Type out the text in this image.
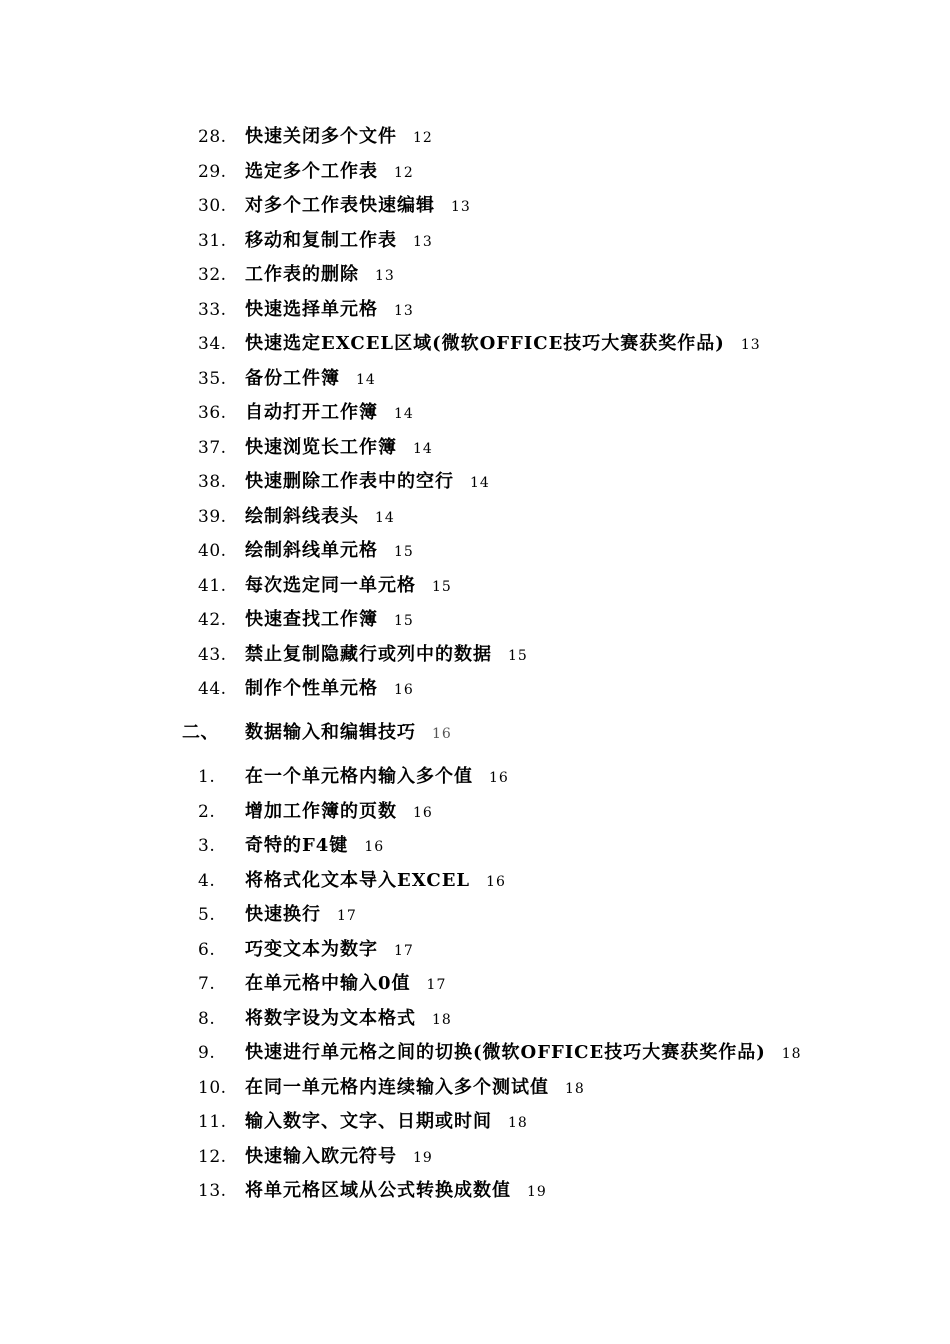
28. 快速关闭多个文件 12
29. 选定多个工作表 12
30. 对多个工作表快速编辑 13
31. 移动和复制工作表 13
32. 工作表的删除 13
33. 快速选择单元格 13
34. 快速选定EXCEL区域(微软OFFICE技巧大赛获奖作品) 13
35. 备份工件簿 14
36. 自动打开工作簿 14
37. 快速浏览长工作簿 14
38. 快速删除工作表中的空行 14
39. 绘制斜线表头 14
40. 绘制斜线单元格 15
41. 每次选定同一单元格 15
42. 快速查找工作簿 15
43. 禁止复制隐藏行或列中的数据 15
44. 制作个性单元格 16
二、 数据输入和编辑技巧 16
1. 在一个单元格内输入多个值 16
2. 增加工作簿的页数 16
3. 奇特的F4键 16
4. 将格式化文本导入EXCEL 16
5. 快速换行 17
6. 巧变文本为数字 17
7. 在单元格中输入0值 17
8. 将数字设为文本格式 18
9. 快速进行单元格之间的切换(微软OFFICE技巧大赛获奖作品) 18
10. 在同一单元格内连续输入多个测试值 18
11. 输入数字、文字、日期或时间 18
12. 快速输入欧元符号 19
13. 将单元格区域从公式转换成数值 19
